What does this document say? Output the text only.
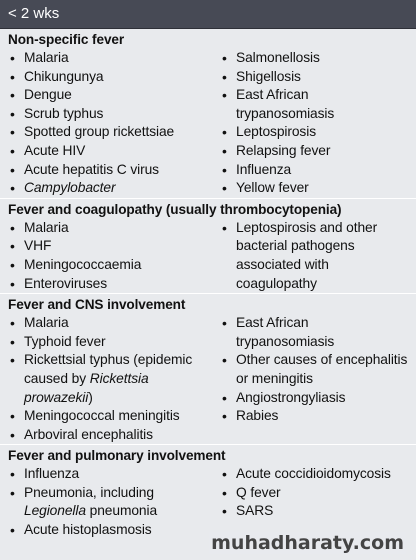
< 2 wks
Non-specific fever
• Malaria
• Chikungunya
• Dengue
• Scrub typhus
• Spotted group rickettsiae
• Acute HIV
• Acute hepatitis C virus
• Campylobacter
• Salmonellosis
• Shigellosis
• East African
trypanosomiasis
• Leptospirosis
• Relapsing fever
• Influenza
• Yellow fever
Fever and coagulopathy (usually thrombocytopenia)
• Malaria
• VHF
• Meningococcaemia
• Enteroviruses
• Leptospirosis and other
bacterial pathogens
associated with
coagulopathy
Fever and CNS involvement
• Malaria
• Typhoid fever
• Rickettsial typhus (epidemic
caused by Rickettsia
prowazekii)
• Meningococcal meningitis
• Arboviral encephalitis
• East African
trypanosomiasis
• Other causes of encephalitis
or meningitis
• Angiostrongyliasis
• Rabies
Fever and pulmonary involvement
• Influenza
• Pneumonia, including
Legionella pneumonia
• Acute histoplasmosis
• Acute coccidioidomycosis
• Q fever
• SARS
muhadharaty.com
